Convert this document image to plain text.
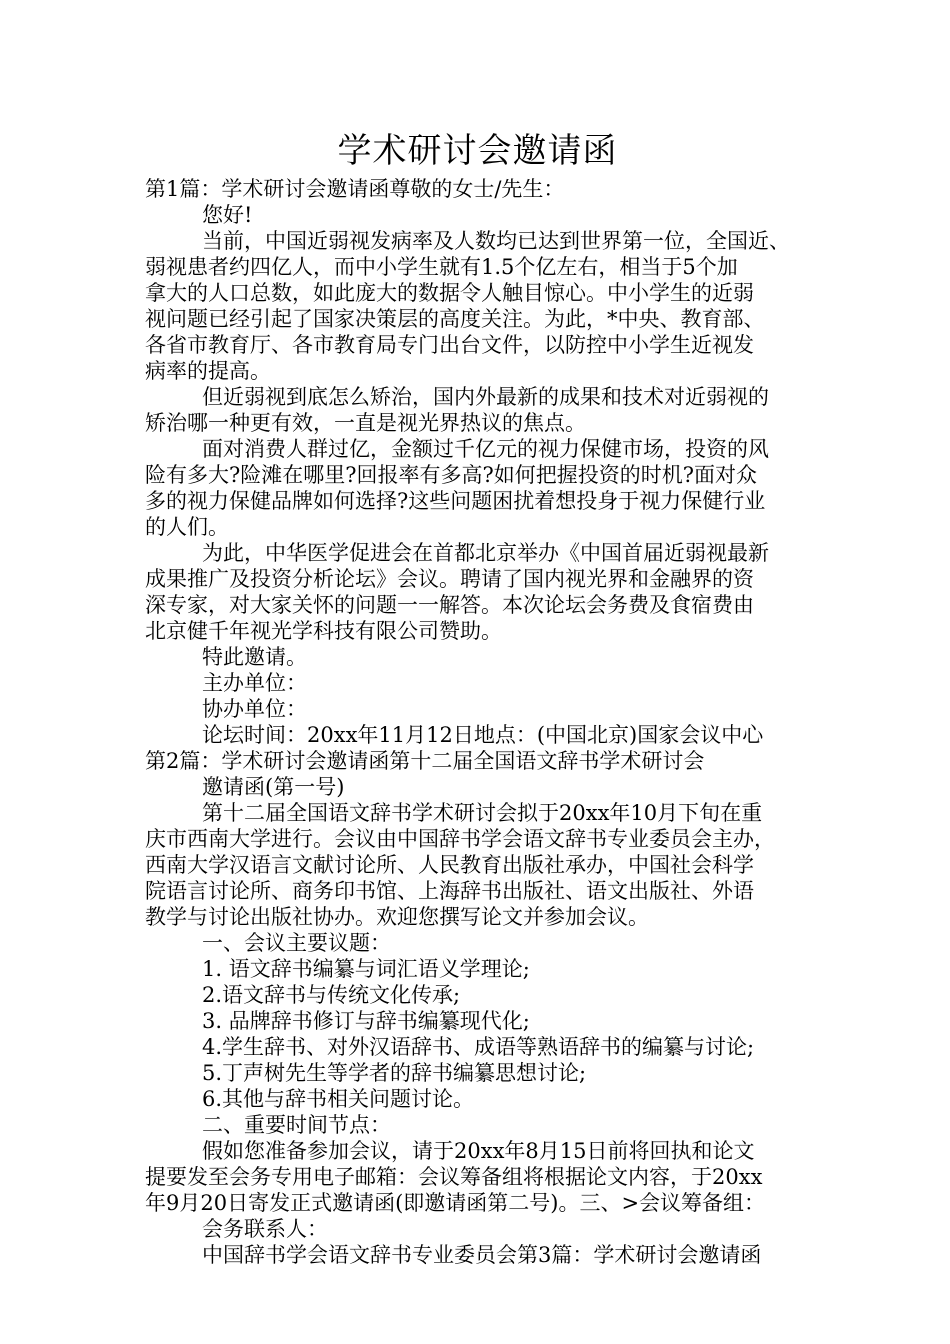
学术研讨会邀请函

第1篇：学术研讨会邀请函尊敬的女士/先生：

您好!

当前，中国近弱视发病率及人数均已达到世界第一位，全国近、

弱视患者约四亿人，而中小学生就有1.5个亿左右，相当于5个加

拿大的人口总数，如此庞大的数据令人触目惊心。中小学生的近弱

视问题已经引起了国家决策层的高度关注。为此，*中央、教育部、

各省市教育厅、各市教育局专门出台文件，以防控中小学生近视发

病率的提高。

但近弱视到底怎么矫治，国内外最新的成果和技术对近弱视的

矫治哪一种更有效，一直是视光界热议的焦点。

面对消费人群过亿，金额过千亿元的视力保健市场，投资的风

险有多大?险滩在哪里?回报率有多高?如何把握投资的时机?面对众

多的视力保健品牌如何选择?这些问题困扰着想投身于视力保健行业

的人们。

为此，中华医学促进会在首都北京举办《中国首届近弱视最新

成果推广及投资分析论坛》会议。聘请了国内视光界和金融界的资

深专家，对大家关怀的问题一一解答。本次论坛会务费及食宿费由

北京健千年视光学科技有限公司赞助。

特此邀请。

主办单位：

协办单位：

论坛时间：20xx年11月12日地点：(中国北京)国家会议中心

第2篇：学术研讨会邀请函第十二届全国语文辞书学术研讨会

邀请函(第一号)

第十二届全国语文辞书学术研讨会拟于20xx年10月下旬在重

庆市西南大学进行。会议由中国辞书学会语文辞书专业委员会主办，

西南大学汉语言文献讨论所、人民教育出版社承办，中国社会科学

院语言讨论所、商务印书馆、上海辞书出版社、语文出版社、外语

教学与讨论出版社协办。欢迎您撰写论文并参加会议。

一、会议主要议题：

1. 语文辞书编纂与词汇语义学理论;

2.语文辞书与传统文化传承;

3. 品牌辞书修订与辞书编纂现代化;

4.学生辞书、对外汉语辞书、成语等熟语辞书的编纂与讨论;

5.丁声树先生等学者的辞书编纂思想讨论;

6.其他与辞书相关问题讨论。

二、重要时间节点：

假如您准备参加会议，请于20xx年8月15日前将回执和论文

提要发至会务专用电子邮箱：会议筹备组将根据论文内容，于20xx

年9月20日寄发正式邀请函(即邀请函第二号)。三、>会议筹备组：

会务联系人：

中国辞书学会语文辞书专业委员会第3篇：学术研讨会邀请函
